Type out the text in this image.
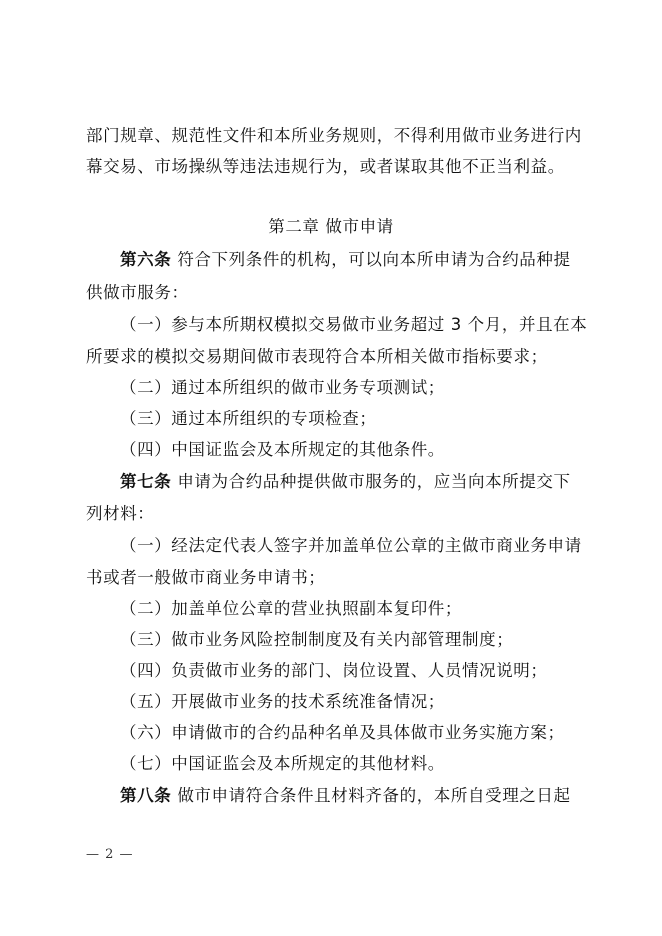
部门规章、规范性文件和本所业务规则，不得利用做市业务进行内
幕交易、市场操纵等违法违规行为，或者谋取其他不正当利益。
第二章 做市申请
第六条 符合下列条件的机构，可以向本所申请为合约品种提
供做市服务：
（一）参与本所期权模拟交易做市业务超过 3 个月，并且在本
所要求的模拟交易期间做市表现符合本所相关做市指标要求；
（二）通过本所组织的做市业务专项测试；
（三）通过本所组织的专项检查；
（四）中国证监会及本所规定的其他条件。
第七条 申请为合约品种提供做市服务的，应当向本所提交下
列材料：
（一）经法定代表人签字并加盖单位公章的主做市商业务申请
书或者一般做市商业务申请书；
（二）加盖单位公章的营业执照副本复印件；
（三）做市业务风险控制制度及有关内部管理制度；
（四）负责做市业务的部门、岗位设置、人员情况说明；
（五）开展做市业务的技术系统准备情况；
（六）申请做市的合约品种名单及具体做市业务实施方案；
（七）中国证监会及本所规定的其他材料。
第八条 做市申请符合条件且材料齐备的，本所自受理之日起
— 2 —
